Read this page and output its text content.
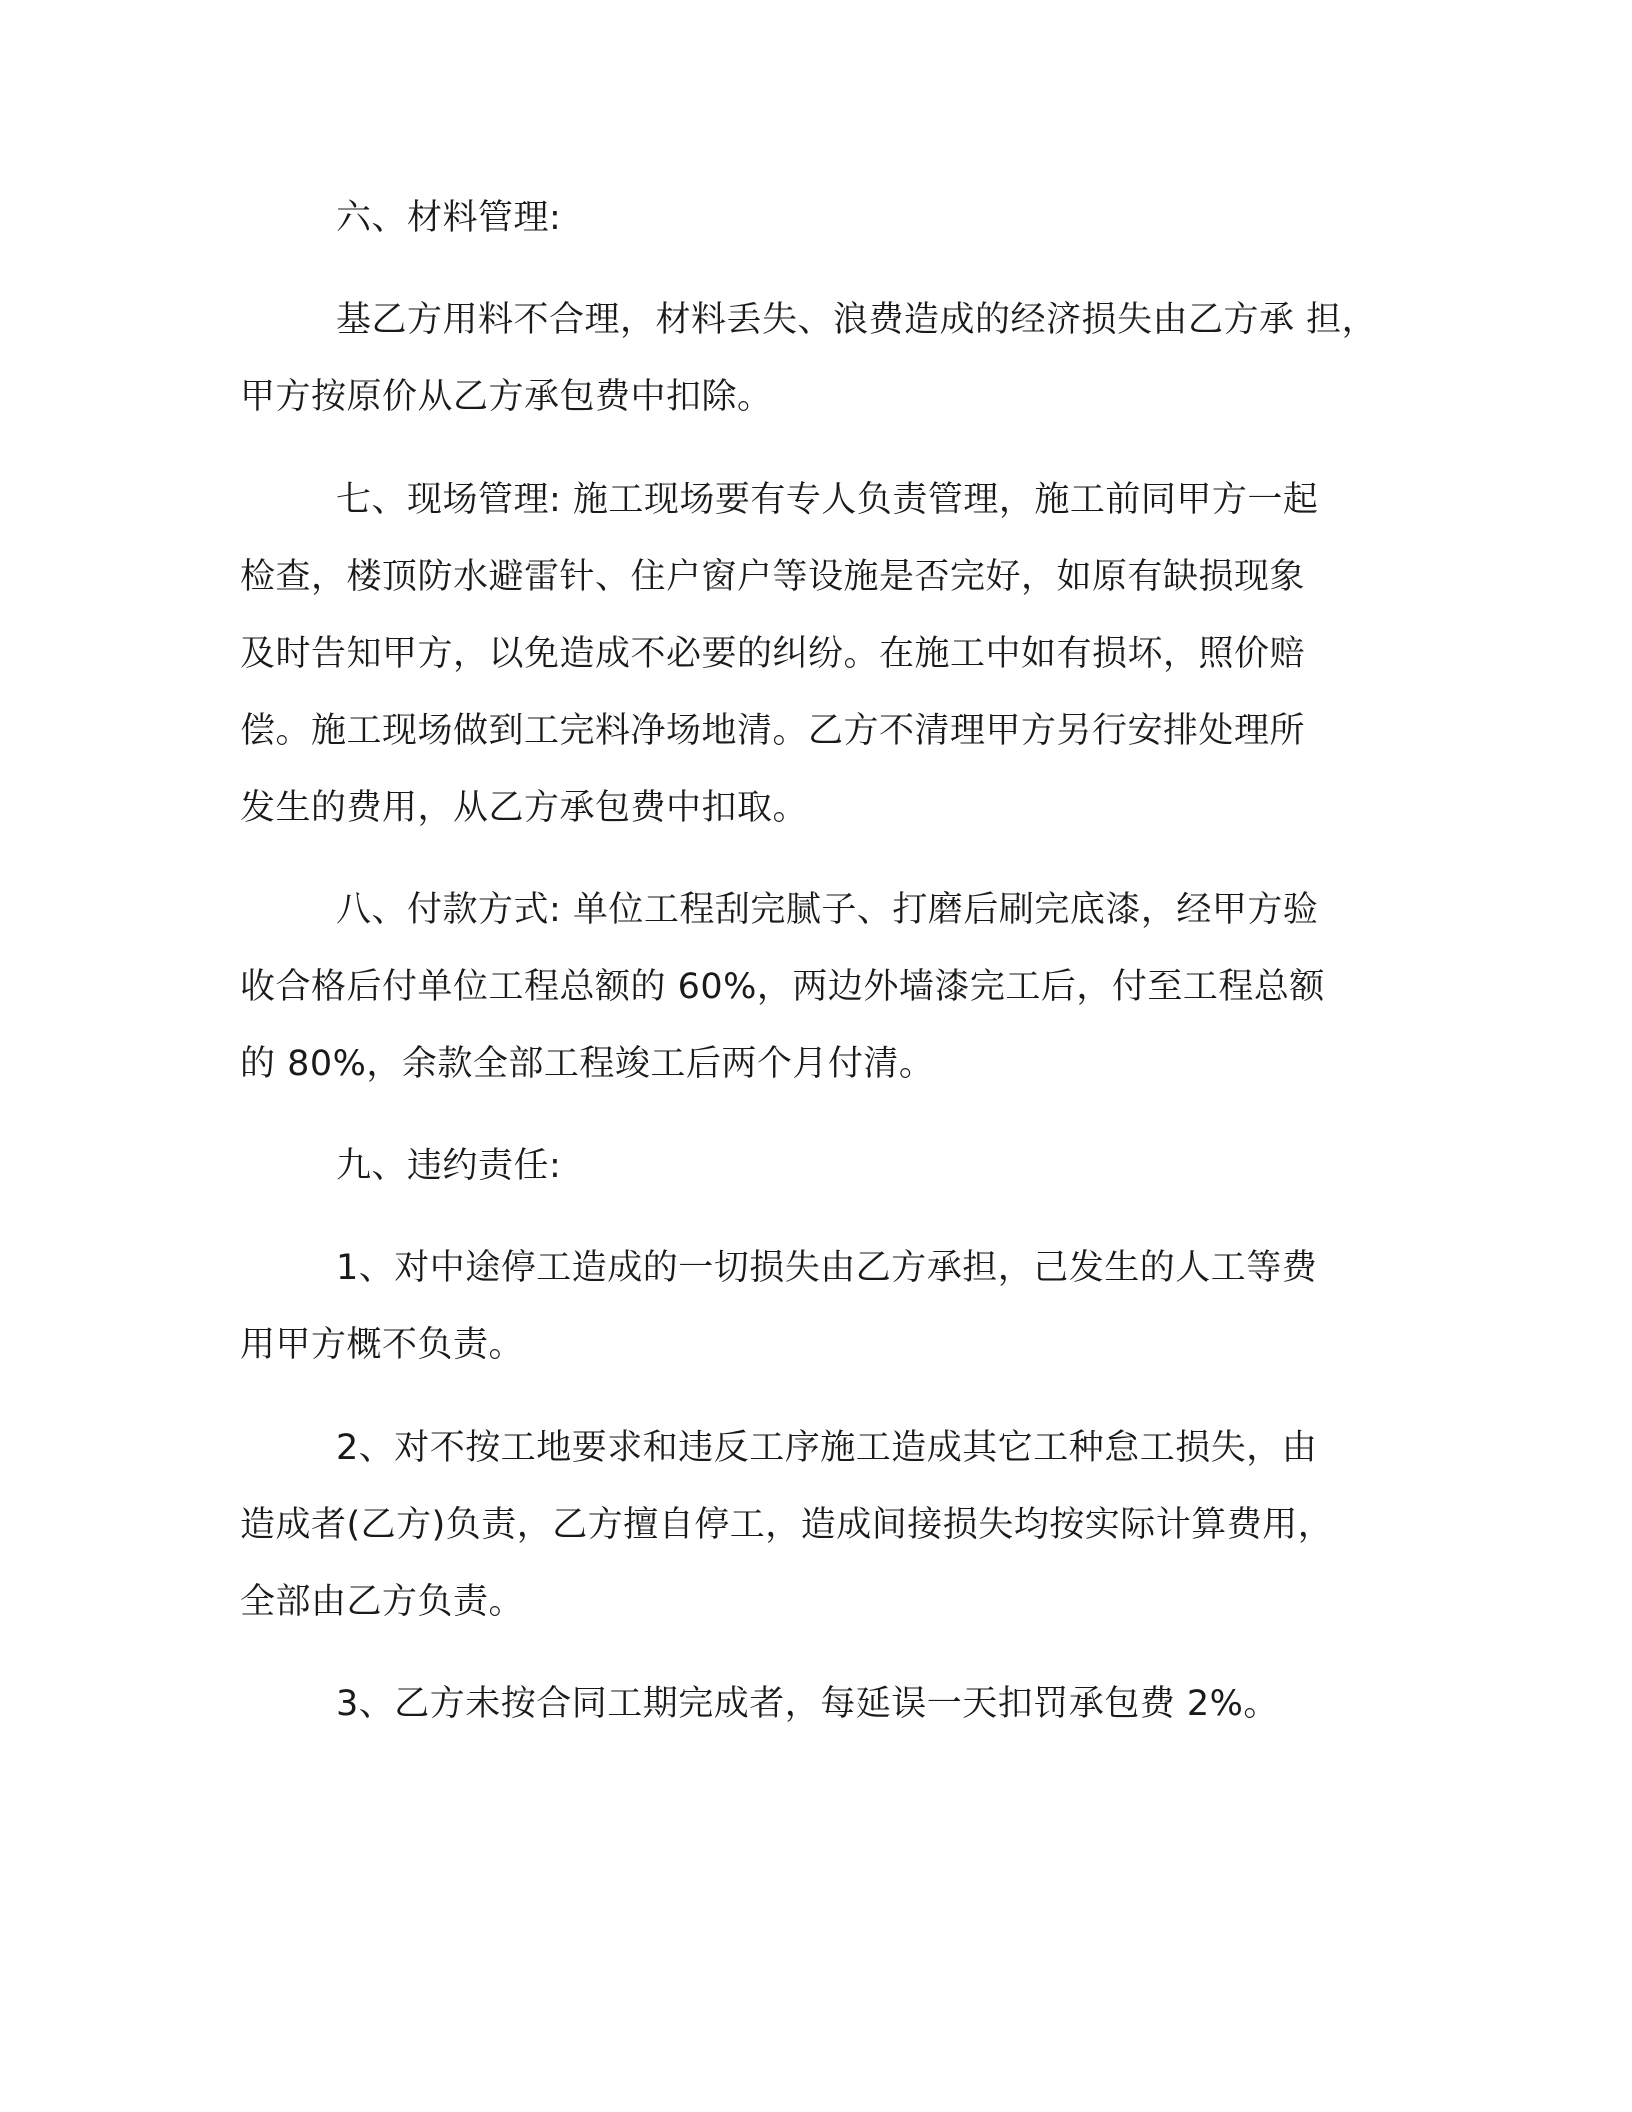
六、材料管理:
基乙方用料不合理，材料丢失、浪费造成的经济损失由乙方承 担，
甲方按原价从乙方承包费中扣除。
七、现场管理: 施工现场要有专人负责管理，施工前同甲方一起
检查，楼顶防水避雷针、住户窗户等设施是否完好，如原有缺损现象
及时告知甲方，以免造成不必要的纠纷。在施工中如有损坏，照价赔
偿。施工现场做到工完料净场地清。乙方不清理甲方另行安排处理所
发生的费用，从乙方承包费中扣取。
八、付款方式: 单位工程刮完腻子、打磨后刷完底漆，经甲方验
收合格后付单位工程总额的 60%，两边外墙漆完工后，付至工程总额
的 80%，余款全部工程竣工后两个月付清。
九、违约责任:
1、对中途停工造成的一切损失由乙方承担，己发生的人工等费
用甲方概不负责。
2、对不按工地要求和违反工序施工造成其它工种怠工损失，由
造成者(乙方)负责，乙方擅自停工，造成间接损失均按实际计算费用，
全部由乙方负责。
3、乙方未按合同工期完成者，每延误一天扣罚承包费 2%。
